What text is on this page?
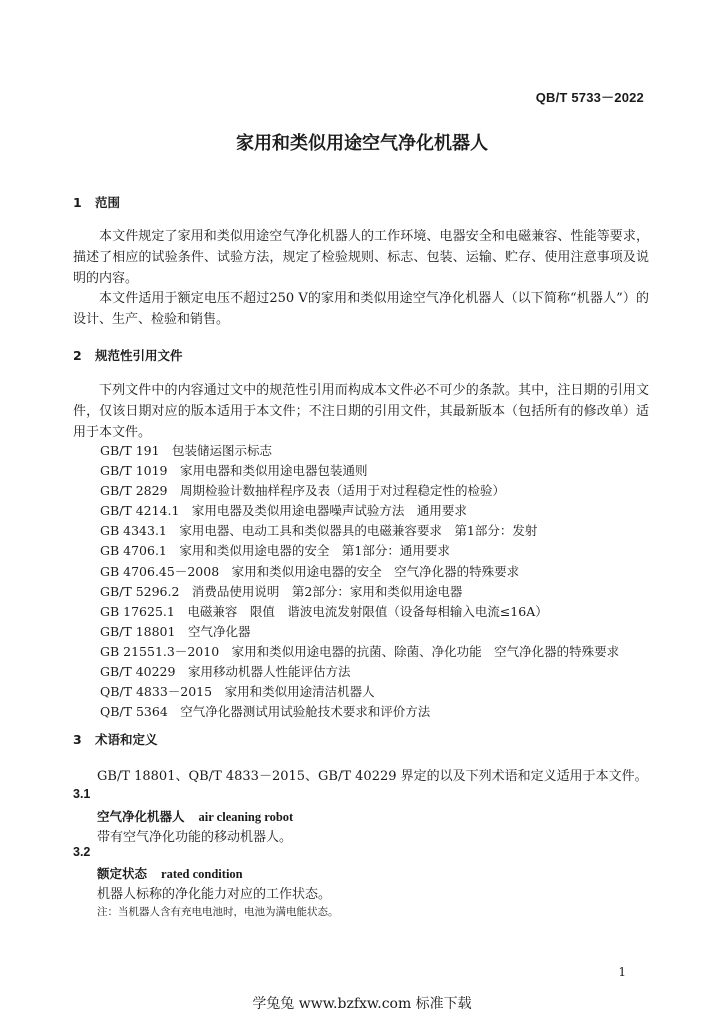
QB/T 5733－2022
家用和类似用途空气净化机器人
1 范围

本文件规定了家用和类似用途空气净化机器人的工作环境、电器安全和电磁兼容、性能等要求，描述了相应的试验条件、试验方法，规定了检验规则、标志、包装、运输、贮存、使用注意事项及说明的内容。

本文件适用于额定电压不超过250 V的家用和类似用途空气净化机器人（以下简称“机器人”）的设计、生产、检验和销售。

2 规范性引用文件

下列文件中的内容通过文中的规范性引用而构成本文件必不可少的条款。其中，注日期的引用文件，仅该日期对应的版本适用于本文件；不注日期的引用文件，其最新版本（包括所有的修改单）适用于本文件。

GB/T 191　包装储运图示标志
GB/T 1019　家用电器和类似用途电器包装通则
GB/T 2829　周期检验计数抽样程序及表（适用于对过程稳定性的检验）
GB/T 4214.1　家用电器及类似用途电器噪声试验方法　通用要求
GB 4343.1　家用电器、电动工具和类似器具的电磁兼容要求　第1部分：发射
GB 4706.1　家用和类似用途电器的安全　第1部分：通用要求
GB 4706.45－2008　家用和类似用途电器的安全　空气净化器的特殊要求
GB/T 5296.2　消费品使用说明　第2部分：家用和类似用途电器
GB 17625.1　电磁兼容　限值　谐波电流发射限值（设备每相输入电流≤16A）
GB/T 18801　空气净化器
GB 21551.3－2010　家用和类似用途电器的抗菌、除菌、净化功能　空气净化器的特殊要求
GB/T 40229　家用移动机器人性能评估方法
QB/T 4833－2015　家用和类似用途清洁机器人
QB/T 5364　空气净化器测试用试验舱技术要求和评价方法
3 术语和定义

GB/T 18801、QB/T 4833－2015、GB/T 40229 界定的以及下列术语和定义适用于本文件。

3.1
空气净化机器人 air cleaning robot
带有空气净化功能的移动机器人。
3.2
额定状态 rated condition
机器人标称的净化能力对应的工作状态。
注：当机器人含有充电电池时，电池为满电能状态。
1
学兔兔 www.bzfxw.com 标准下载
